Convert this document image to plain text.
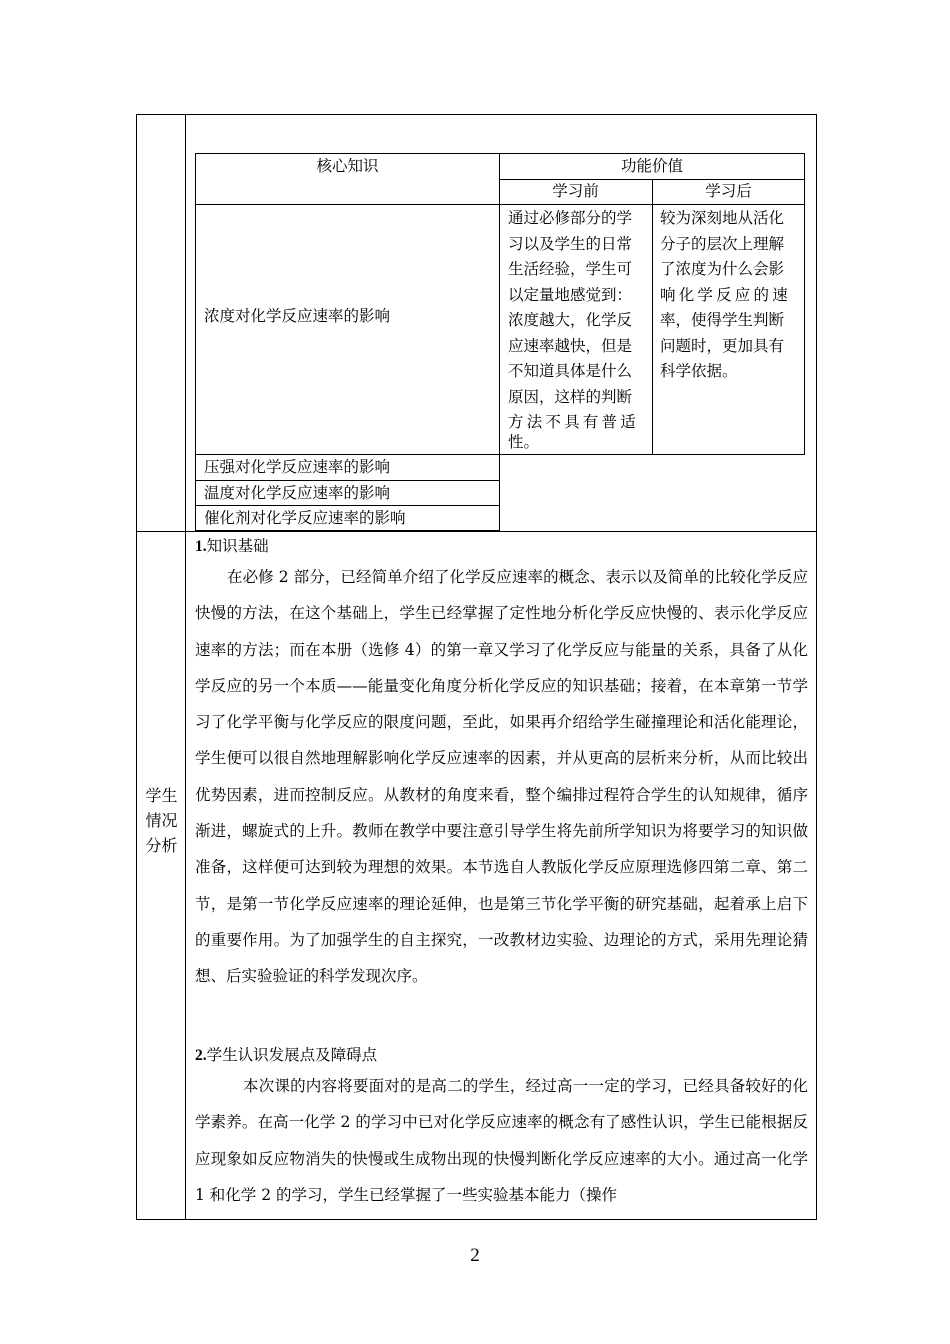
核心知识	功能价值
学习前	学习后
浓度对化学反应速率的影响
通过必修部分的学
习以及学生的日常
生活经验，学生可
以定量地感觉到：
浓度越大，化学反
应速率越快，但是
不知道具体是什么
原因，这样的判断
方法不具有普适
性。
较为深刻地从活化
分子的层次上理解
了浓度为什么会影
响化学反应的速
率，使得学生判断
问题时，更加具有
科学依据。
压强对化学反应速率的影响
温度对化学反应速率的影响
催化剂对化学反应速率的影响
学生
情况
分析
1.知识基础
在必修 2 部分，已经简单介绍了化学反应速率的概念、表示以及简单的比较化学反应快慢的方法，在这个基础上，学生已经掌握了定性地分析化学反应快慢的、表示化学反应速率的方法；而在本册（选修 4）的第一章又学习了化学反应与能量的关系，具备了从化学反应的另一个本质——能量变化角度分析化学反应的知识基础；接着，在本章第一节学习了化学平衡与化学反应的限度问题，至此，如果再介绍给学生碰撞理论和活化能理论，学生便可以很自然地理解影响化学反应速率的因素，并从更高的层析来分析，从而比较出优势因素，进而控制反应。从教材的角度来看，整个编排过程符合学生的认知规律，循序渐进，螺旋式的上升。教师在教学中要注意引导学生将先前所学知识为将要学习的知识做准备，这样便可达到较为理想的效果。本节选自人教版化学反应原理选修四第二章、第二节，是第一节化学反应速率的理论延伸，也是第三节化学平衡的研究基础，起着承上启下的重要作用。为了加强学生的自主探究，一改教材边实验、边理论的方式，采用先理论猜想、后实验验证的科学发现次序。
2.学生认识发展点及障碍点
本次课的内容将要面对的是高二的学生，经过高一一定的学习，已经具备较好的化学素养。在高一化学 2 的学习中已对化学反应速率的概念有了感性认识，学生已能根据反应现象如反应物消失的快慢或生成物出现的快慢判断化学反应速率的大小。通过高一化学 1 和化学 2 的学习，学生已经掌握了一些实验基本能力（操作
2
